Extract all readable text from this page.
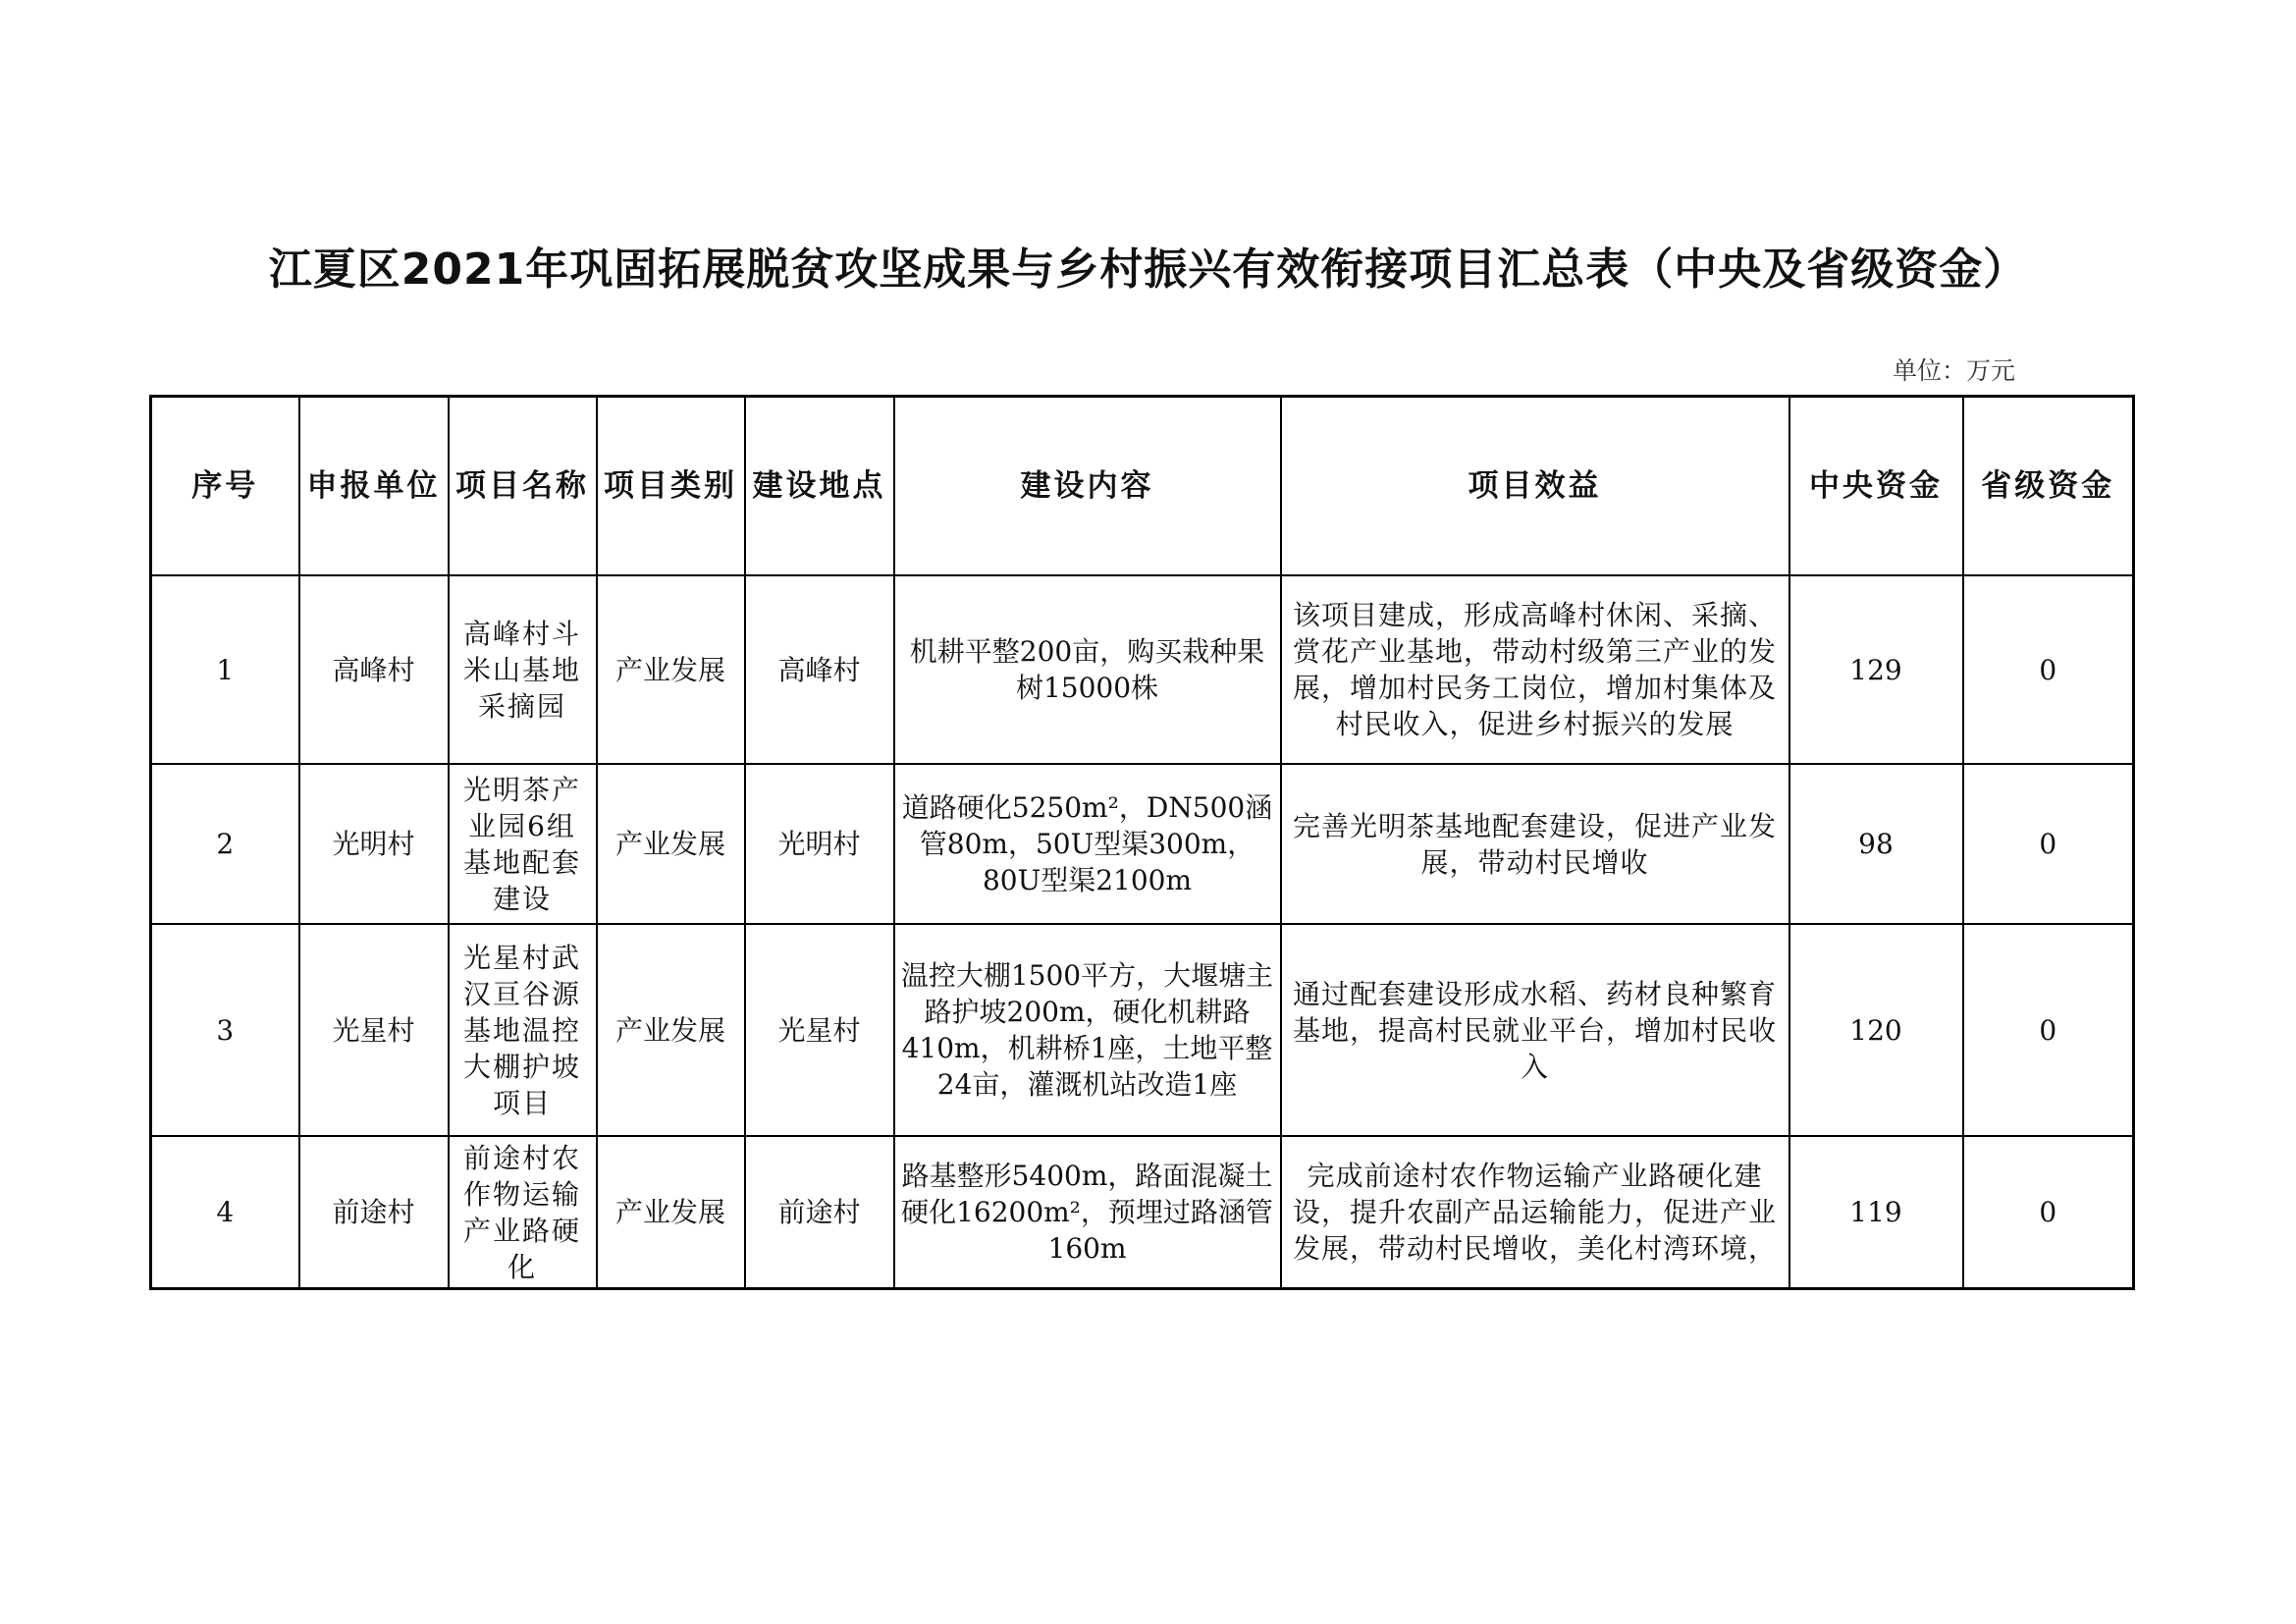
江夏区2021年巩固拓展脱贫攻坚成果与乡村振兴有效衔接项目汇总表（中央及省级资金）
单位：万元
序号	申报单位	项目名称	项目类别	建设地点	建设内容	项目效益	中央资金	省级资金
1	高峰村	高峰村斗米山基地采摘园	产业发展	高峰村	机耕平整200亩，购买栽种果树15000株	该项目建成，形成高峰村休闲、采摘、赏花产业基地，带动村级第三产业的发展，增加村民务工岗位，增加村集体及村民收入，促进乡村振兴的发展	129	0
2	光明村	光明茶产业园6组基地配套建设	产业发展	光明村	道路硬化5250m²，DN500涵管80m，50U型渠300m，80U型渠2100m	完善光明茶基地配套建设，促进产业发展，带动村民增收	98	0
3	光星村	光星村武汉亘谷源基地温控大棚护坡项目	产业发展	光星村	温控大棚1500平方，大堰塘主路护坡200m，硬化机耕路410m，机耕桥1座，土地平整24亩，灌溉机站改造1座	通过配套建设形成水稻、药材良种繁育基地，提高村民就业平台，增加村民收入	120	0
4	前途村	前途村农作物运输产业路硬化	产业发展	前途村	路基整形5400m，路面混凝土硬化16200m²，预埋过路涵管160m	完成前途村农作物运输产业路硬化建设，提升农副产品运输能力，促进产业发展，带动村民增收，美化村湾环境，	119	0
